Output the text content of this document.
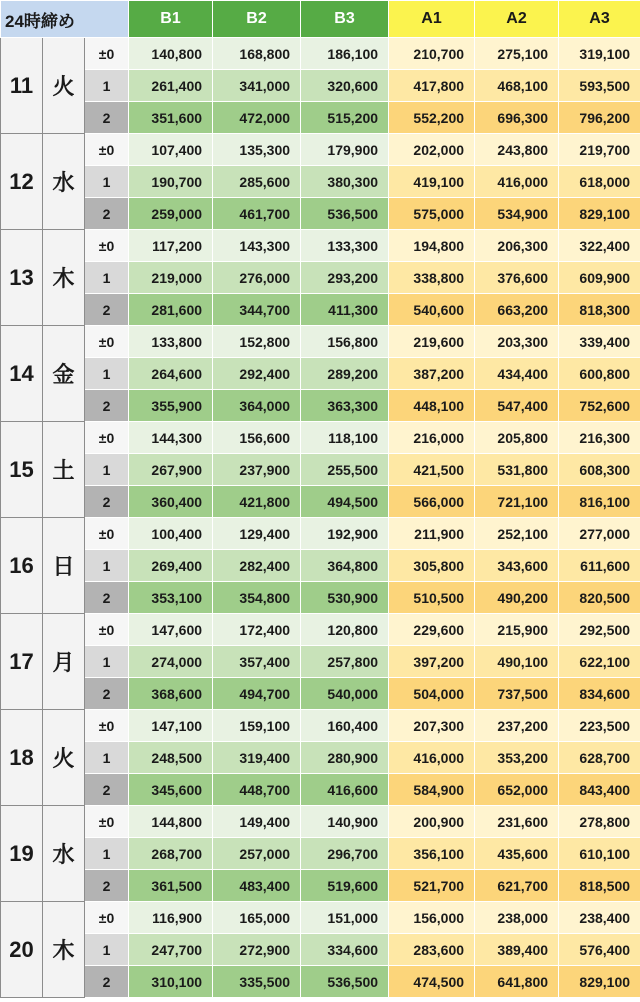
24時締め			B1	B2	B3	A1	A2	A3
11	火	±0	140,800	168,800	186,100	210,700	275,100	319,100
		1	261,400	341,000	320,600	417,800	468,100	593,500
		2	351,600	472,000	515,200	552,200	696,300	796,200
12	水	±0	107,400	135,300	179,900	202,000	243,800	219,700
		1	190,700	285,600	380,300	419,100	416,000	618,000
		2	259,000	461,700	536,500	575,000	534,900	829,100
13	木	±0	117,200	143,300	133,300	194,800	206,300	322,400
		1	219,000	276,000	293,200	338,800	376,600	609,900
		2	281,600	344,700	411,300	540,600	663,200	818,300
14	金	±0	133,800	152,800	156,800	219,600	203,300	339,400
		1	264,600	292,400	289,200	387,200	434,400	600,800
		2	355,900	364,000	363,300	448,100	547,400	752,600
15	土	±0	144,300	156,600	118,100	216,000	205,800	216,300
		1	267,900	237,900	255,500	421,500	531,800	608,300
		2	360,400	421,800	494,500	566,000	721,100	816,100
16	日	±0	100,400	129,400	192,900	211,900	252,100	277,000
		1	269,400	282,400	364,800	305,800	343,600	611,600
		2	353,100	354,800	530,900	510,500	490,200	820,500
17	月	±0	147,600	172,400	120,800	229,600	215,900	292,500
		1	274,000	357,400	257,800	397,200	490,100	622,100
		2	368,600	494,700	540,000	504,000	737,500	834,600
18	火	±0	147,100	159,100	160,400	207,300	237,200	223,500
		1	248,500	319,400	280,900	416,000	353,200	628,700
		2	345,600	448,700	416,600	584,900	652,000	843,400
19	水	±0	144,800	149,400	140,900	200,900	231,600	278,800
		1	268,700	257,000	296,700	356,100	435,600	610,100
		2	361,500	483,400	519,600	521,700	621,700	818,500
20	木	±0	116,900	165,000	151,000	156,000	238,000	238,400
		1	247,700	272,900	334,600	283,600	389,400	576,400
		2	310,100	335,500	536,500	474,500	641,800	829,100
